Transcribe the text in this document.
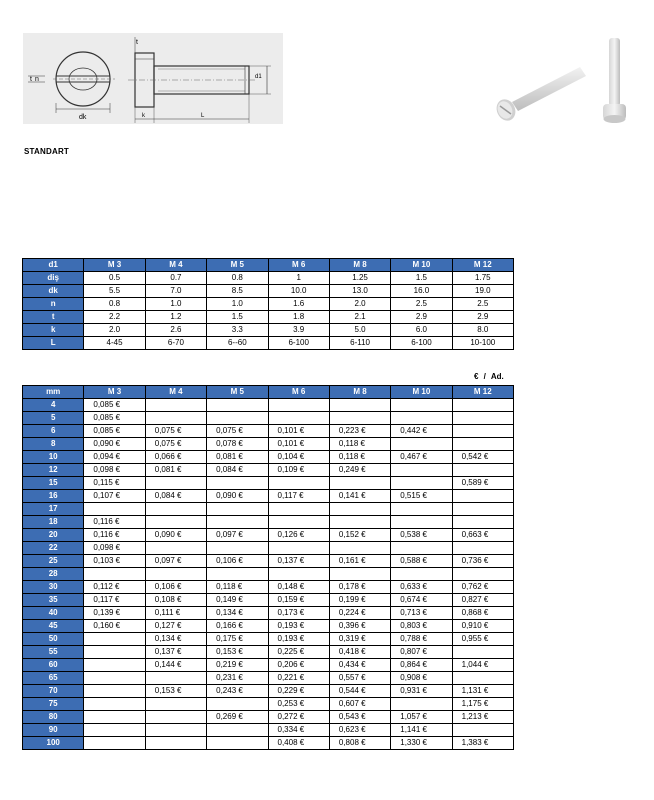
dk
t n
t
d1
k	L
STANDART
d1	M 3	M 4	M 5	M 6	M 8	M 10	M 12
diş	0.5	0.7	0.8	1	1.25	1.5	1.75
dk	5.5	7.0	8.5	10.0	13.0	16.0	19.0
n	0.8	1.0	1.0	1.6	2.0	2.5	2.5
t	2.2	1.2	1.5	1.8	2.1	2.9	2.9
k	2.0	2.6	3.3	3.9	5.0	6.0	8.0
L	4-45	6-70	6--60	6-100	6-110	6-100	10-100
€ / Ad.
mm	M 3	M 4	M 5	M 6	M 8	M 10	M 12
4	0,085 €						
5	0,085 €						
6	0,085 €	0,075 €	0,075 €	0,101 €	0,223 €	0,442 €	
8	0,090 €	0,075 €	0,078 €	0,101 €	0,118 €		
10	0,094 €	0,066 €	0,081 €	0,104 €	0,118 €	0,467 €	0,542 €
12	0,098 €	0,081 €	0,084 €	0,109 €	0,249 €		
15	0,115 €						0,589 €
16	0,107 €	0,084 €	0,090 €	0,117 €	0,141 €	0,515 €	
17							
18	0,116 €						
20	0,116 €	0,090 €	0,097 €	0,126 €	0,152 €	0,538 €	0,663 €
22	0,098 €						
25	0,103 €	0,097 €	0,106 €	0,137 €	0,161 €	0,588 €	0,736 €
28							
30	0,112 €	0,106 €	0,118 €	0,148 €	0,178 €	0,633 €	0,762 €
35	0,117 €	0,108 €	0,149 €	0,159 €	0,199 €	0,674 €	0,827 €
40	0,139 €	0,111 €	0,134 €	0,173 €	0,224 €	0,713 €	0,868 €
45	0,160 €	0,127 €	0,166 €	0,193 €	0,396 €	0,803 €	0,910 €
50		0,134 €	0,175 €	0,193 €	0,319 €	0,788 €	0,955 €
55		0,137 €	0,153 €	0,225 €	0,418 €	0,807 €	
60		0,144 €	0,219 €	0,206 €	0,434 €	0,864 €	1,044 €
65			0,231 €	0,221 €	0,557 €	0,908 €	
70		0,153 €	0,243 €	0,229 €	0,544 €	0,931 €	1,131 €
75				0,253 €	0,607 €		1,175 €
80			0,269 €	0,272 €	0,543 €	1,057 €	1,213 €
90				0,334 €	0,623 €	1,141 €	
100				0,408 €	0,808 €	1,330 €	1,383 €
